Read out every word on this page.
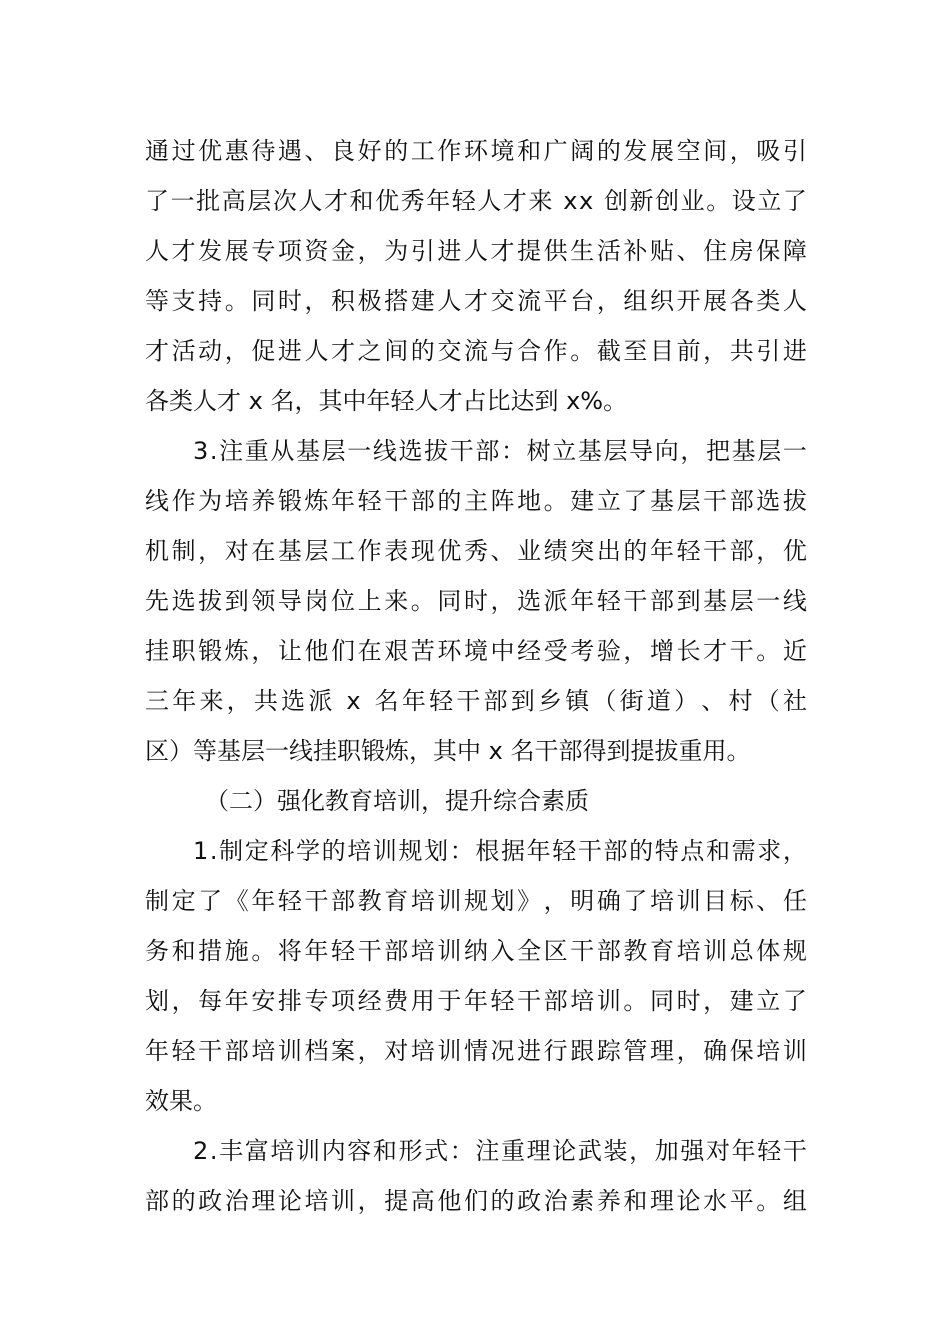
通 过 优 惠 待 遇 、 良 好 的 工 作 环 境 和 广 阔 的 发 展 空 间 ， 吸 引
了 一 批 高 层 次 人 才 和 优 秀 年 轻 人 才 来
x x
创 新 创 业 。 设 立 了
人 才 发 展 专 项 资 金 ， 为 引 进 人 才 提 供 生 活 补 贴 、 住 房 保 障
等 支 持 。 同 时 ， 积 极 搭 建 人 才 交 流 平 台 ， 组 织 开 展 各 类 人
才 活 动 ， 促 进 人 才 之 间 的 交 流 与 合 作 。 截 至 目 前 ， 共 引 进
各类人才 x 名，其中年轻人才占比达到 x%。
3 . 注 重 从 基 层 一 线 选 拔 干 部 ： 树 立 基 层 导 向 ， 把 基 层 一
线 作 为 培 养 锻 炼 年 轻 干 部 的 主 阵 地 。 建 立 了 基 层 干 部 选 拔
机 制 ， 对 在 基 层 工 作 表 现 优 秀 、 业 绩 突 出 的 年 轻 干 部 ， 优
先 选 拔 到 领 导 岗 位 上 来 。 同 时 ， 选 派 年 轻 干 部 到 基 层 一 线
挂 职 锻 炼 ， 让 他 们 在 艰 苦 环 境 中 经 受 考 验 ， 增 长 才 干 。 近
三 年 来 ， 共 选 派
x
名 年 轻 干 部 到 乡 镇 （ 街 道 ） 、 村 （ 社
区）等基层一线挂职锻炼，其中 x 名干部得到提拔重用。
（二）强化教育培训，提升综合素质
1 . 制 定 科 学 的 培 训 规 划 ： 根 据 年 轻 干 部 的 特 点 和 需 求 ，
制 定 了 《 年 轻 干 部 教 育 培 训 规 划 》 ， 明 确 了 培 训 目 标 、 任
务 和 措 施 。 将 年 轻 干 部 培 训 纳 入 全 区 干 部 教 育 培 训 总 体 规
划 ， 每 年 安 排 专 项 经 费 用 于 年 轻 干 部 培 训 。 同 时 ， 建 立 了
年 轻 干 部 培 训 档 案 ， 对 培 训 情 况 进 行 跟 踪 管 理 ， 确 保 培 训
效果。
2 . 丰 富 培 训 内 容 和 形 式 ： 注 重 理 论 武 装 ， 加 强 对 年 轻 干
部 的 政 治 理 论 培 训 ， 提 高 他 们 的 政 治 素 养 和 理 论 水 平 。 组
